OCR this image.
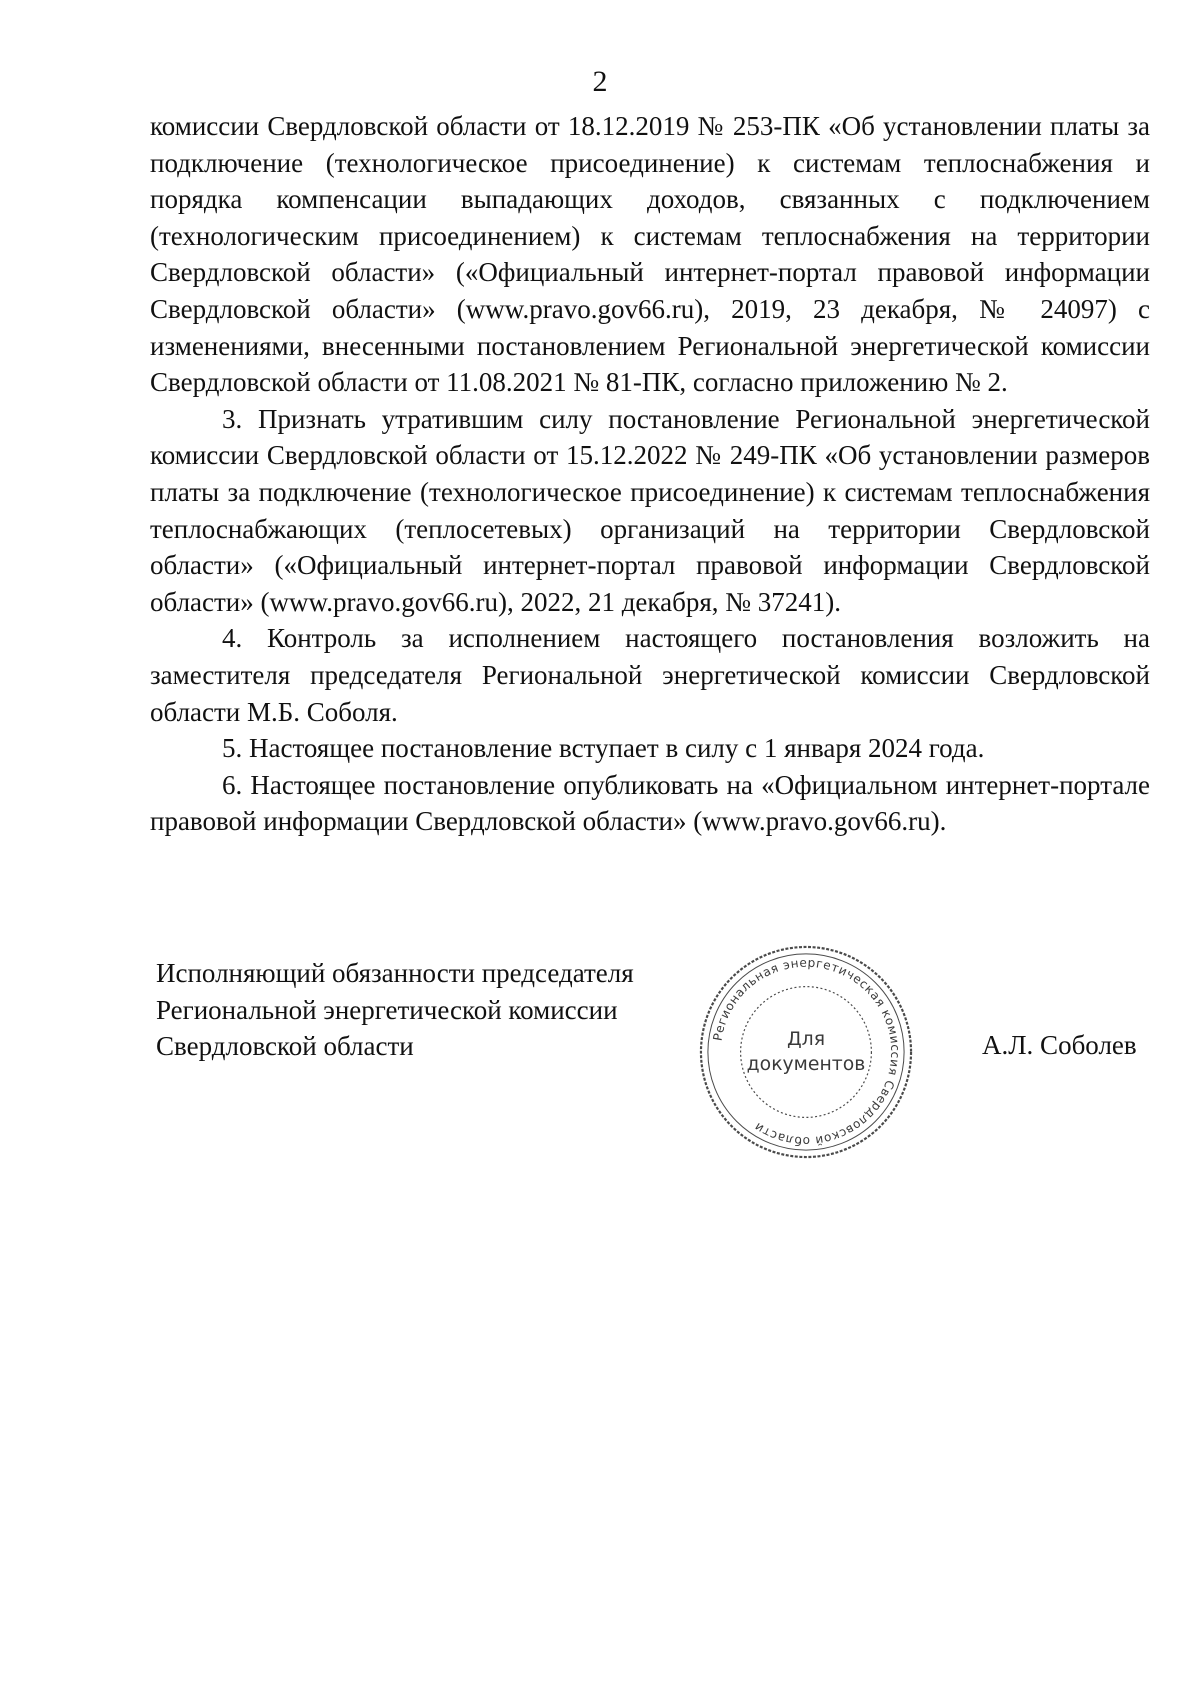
2

комиссии Свердловской области от 18.12.2019 № 253-ПК «Об установлении платы за подключение (технологическое присоединение) к системам теплоснабжения и порядка компенсации выпадающих доходов, связанных с подключением (технологическим присоединением) к системам теплоснабжения на территории Свердловской области» («Официальный интернет-портал правовой информации Свердловской области» (www.pravo.gov66.ru), 2019, 23 декабря, № 24097) с изменениями, внесенными постановлением Региональной энергетической комиссии Свердловской области от 11.08.2021 № 81-ПК, согласно приложению № 2.

3. Признать утратившим силу постановление Региональной энергетической комиссии Свердловской области от 15.12.2022 № 249-ПК «Об установлении размеров платы за подключение (технологическое присоединение) к системам теплоснабжения теплоснабжающих (теплосетевых) организаций на территории Свердловской области» («Официальный интернет-портал правовой информации Свердловской области» (www.pravo.gov66.ru), 2022, 21 декабря, № 37241).

4. Контроль за исполнением настоящего постановления возложить на заместителя председателя Региональной энергетической комиссии Свердловской области М.Б. Соболя.

5. Настоящее постановление вступает в силу с 1 января 2024 года.

6. Настоящее постановление опубликовать на «Официальном интернет-портале правовой информации Свердловской области» (www.pravo.gov66.ru).

Исполняющий обязанности председателя
Региональной энергетической комиссии
Свердловской области	Региональная энергетическая комиссия Свердловской области
Для
документов
А.Л. Соболев
